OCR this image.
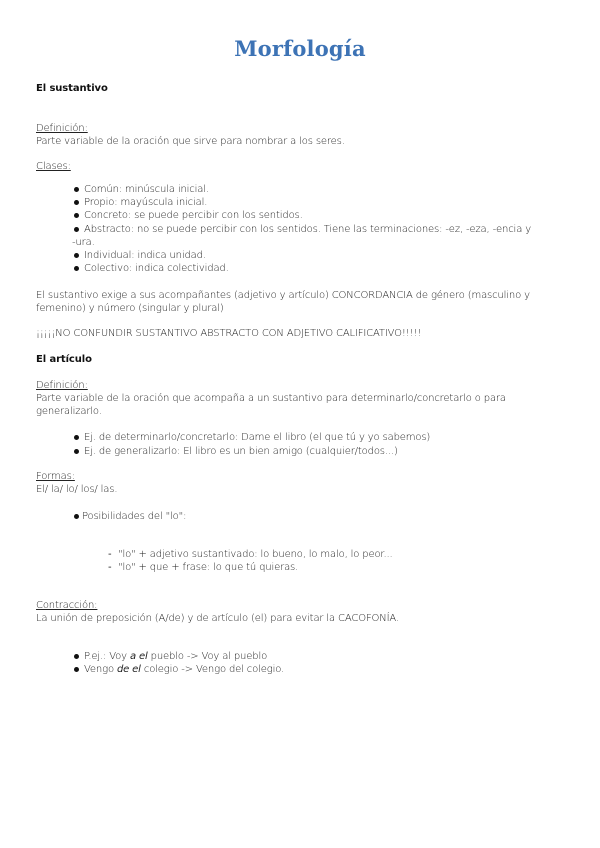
Morfología
El sustantivo
Definición:
Parte variable de la oración que sirve para nombrar a los seres.
Clases:
Común: minúscula inicial.
Propio: mayúscula inicial.
Concreto: se puede percibir con los sentidos.
Abstracto: no se puede percibir con los sentidos. Tiene las terminaciones: -ez, -eza, -encia y
-ura.
Individual: indica unidad.
Colectivo: indica colectividad.
El sustantivo exige a sus acompañantes (adjetivo y artículo) CONCORDANCIA de género (masculino y
femenino) y número (singular y plural)
¡¡¡¡¡NO CONFUNDIR SUSTANTIVO ABSTRACTO CON ADJETIVO CALIFICATIVO!!!!!
El artículo
Definición:
Parte variable de la oración que acompaña a un sustantivo para determinarlo/concretarlo o para
generalizarlo.
Ej. de determinarlo/concretarlo: Dame el libro (el que tú y yo sabemos)
Ej. de generalizarlo: El libro es un bien amigo (cualquier/todos...)
Formas:
El/ la/ lo/ los/ las.
Posibilidades del "lo":
- "lo" + adjetivo sustantivado: lo bueno, lo malo, lo peor...
- "lo" + que + frase: lo que tú quieras.
Contracción:
La unión de preposición (A/de) y de artículo (el) para evitar la CACOFONÍA.
P.ej.: Voy a el pueblo -> Voy al pueblo
Vengo de el colegio -> Vengo del colegio.
